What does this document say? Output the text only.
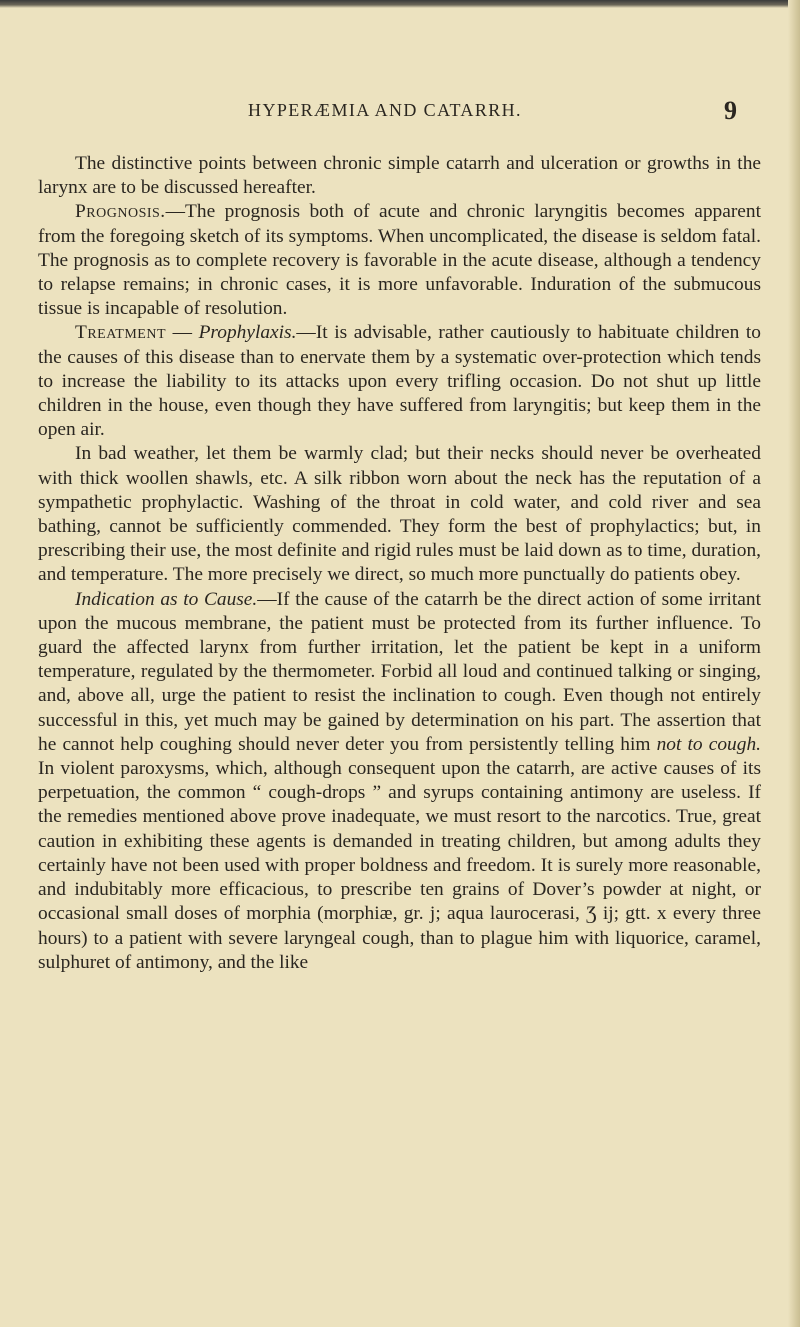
HYPERÆMIA AND CATARRH.	9

The distinctive points between chronic simple catarrh and ulceration or growths in the larynx are to be discussed hereafter.

Prognosis.—The prognosis both of acute and chronic laryngitis becomes apparent from the foregoing sketch of its symptoms. When uncomplicated, the disease is seldom fatal. The prognosis as to complete recovery is favorable in the acute disease, although a tendency to relapse remains; in chronic cases, it is more unfavorable. Induration of the submucous tissue is incapable of resolution.

Treatment — Prophylaxis.—It is advisable, rather cautiously to habituate children to the causes of this disease than to enervate them by a systematic over-protection which tends to increase the liability to its attacks upon every trifling occasion. Do not shut up little children in the house, even though they have suffered from laryngitis; but keep them in the open air.

In bad weather, let them be warmly clad; but their necks should never be overheated with thick woollen shawls, etc. A silk ribbon worn about the neck has the reputation of a sympathetic prophylactic. Washing of the throat in cold water, and cold river and sea bathing, cannot be sufficiently commended. They form the best of prophylactics; but, in prescribing their use, the most definite and rigid rules must be laid down as to time, duration, and temperature. The more precisely we direct, so much more punctually do patients obey.

Indication as to Cause.—If the cause of the catarrh be the direct action of some irritant upon the mucous membrane, the patient must be protected from its further influence. To guard the affected larynx from further irritation, let the patient be kept in a uniform temperature, regulated by the thermometer. Forbid all loud and continued talking or singing, and, above all, urge the patient to resist the inclination to cough. Even though not entirely successful in this, yet much may be gained by determination on his part. The assertion that he cannot help coughing should never deter you from persistently telling him not to cough. In violent paroxysms, which, although consequent upon the catarrh, are active causes of its perpetuation, the common “ cough-drops ” and syrups containing antimony are useless. If the remedies mentioned above prove inadequate, we must resort to the narcotics. True, great caution in exhibiting these agents is demanded in treating children, but among adults they certainly have not been used with proper boldness and freedom. It is surely more reasonable, and indubitably more efficacious, to prescribe ten grains of Dover’s powder at night, or occasional small doses of morphia (morphiæ, gr. j; aqua laurocerasi, Ʒ ij; gtt. x every three hours) to a patient with severe laryngeal cough, than to plague him with liquorice, caramel, sulphuret of antimony, and the like
